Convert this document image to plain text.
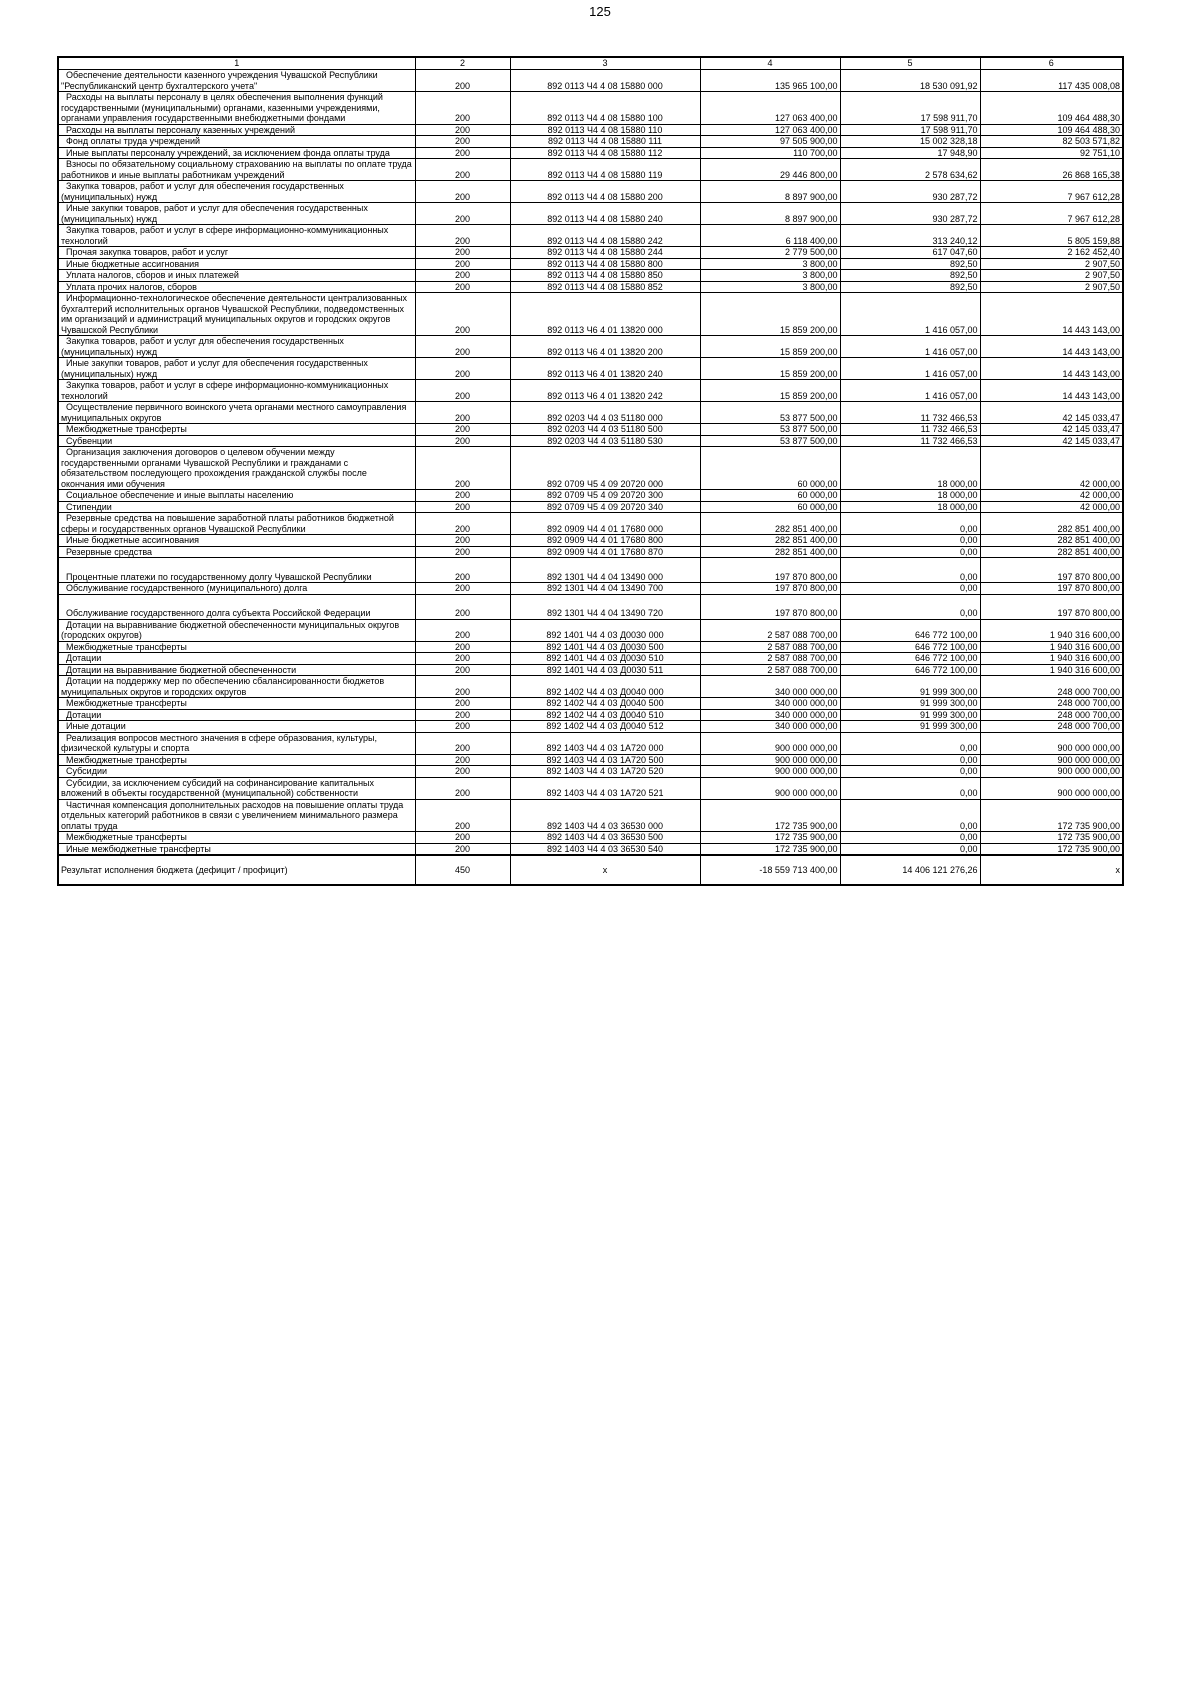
125
1	2	3	4	5	6
Обеспечение деятельности казенного учреждения Чувашской Республики "Республиканский центр бухгалтерского учета"	200	892 0113 Ч4 4 08 15880 000	135 965 100,00	18 530 091,92	117 435 008,08
Расходы на выплаты персоналу в целях обеспечения выполнения функций государственными (муниципальными) органами, казенными учреждениями, органами управления государственными внебюджетными фондами	200	892 0113 Ч4 4 08 15880 100	127 063 400,00	17 598 911,70	109 464 488,30
Расходы на выплаты персоналу казенных учреждений	200	892 0113 Ч4 4 08 15880 110	127 063 400,00	17 598 911,70	109 464 488,30
Фонд оплаты труда учреждений	200	892 0113 Ч4 4 08 15880 111	97 505 900,00	15 002 328,18	82 503 571,82
Иные выплаты персоналу учреждений, за исключением фонда оплаты труда	200	892 0113 Ч4 4 08 15880 112	110 700,00	17 948,90	92 751,10
Взносы по обязательному социальному страхованию на выплаты по оплате труда работников и иные выплаты работникам учреждений	200	892 0113 Ч4 4 08 15880 119	29 446 800,00	2 578 634,62	26 868 165,38
Закупка товаров, работ и услуг для обеспечения государственных (муниципальных) нужд	200	892 0113 Ч4 4 08 15880 200	8 897 900,00	930 287,72	7 967 612,28
Иные закупки товаров, работ и услуг для обеспечения государственных (муниципальных) нужд	200	892 0113 Ч4 4 08 15880 240	8 897 900,00	930 287,72	7 967 612,28
Закупка товаров, работ и услуг в сфере информационно-коммуникационных технологий	200	892 0113 Ч4 4 08 15880 242	6 118 400,00	313 240,12	5 805 159,88
Прочая закупка товаров, работ и услуг	200	892 0113 Ч4 4 08 15880 244	2 779 500,00	617 047,60	2 162 452,40
Иные бюджетные ассигнования	200	892 0113 Ч4 4 08 15880 800	3 800,00	892,50	2 907,50
Уплата налогов, сборов и иных платежей	200	892 0113 Ч4 4 08 15880 850	3 800,00	892,50	2 907,50
Уплата прочих налогов, сборов	200	892 0113 Ч4 4 08 15880 852	3 800,00	892,50	2 907,50
Информационно-технологическое обеспечение деятельности централизованных бухгалтерий исполнительных органов Чувашской Республики, подведомственных им организаций и администраций муниципальных округов и городских округов Чувашской Республики	200	892 0113 Ч6 4 01 13820 000	15 859 200,00	1 416 057,00	14 443 143,00
Закупка товаров, работ и услуг для обеспечения государственных (муниципальных) нужд	200	892 0113 Ч6 4 01 13820 200	15 859 200,00	1 416 057,00	14 443 143,00
Иные закупки товаров, работ и услуг для обеспечения государственных (муниципальных) нужд	200	892 0113 Ч6 4 01 13820 240	15 859 200,00	1 416 057,00	14 443 143,00
Закупка товаров, работ и услуг в сфере информационно-коммуникационных технологий	200	892 0113 Ч6 4 01 13820 242	15 859 200,00	1 416 057,00	14 443 143,00
Осуществление первичного воинского учета органами местного самоуправления муниципальных округов	200	892 0203 Ч4 4 03 51180 000	53 877 500,00	11 732 466,53	42 145 033,47
Межбюджетные трансферты	200	892 0203 Ч4 4 03 51180 500	53 877 500,00	11 732 466,53	42 145 033,47
Субвенции	200	892 0203 Ч4 4 03 51180 530	53 877 500,00	11 732 466,53	42 145 033,47
Организация заключения договоров о целевом обучении между государственными органами Чувашской Республики и гражданами с обязательством последующего прохождения гражданской службы после окончания ими обучения	200	892 0709 Ч5 4 09 20720 000	60 000,00	18 000,00	42 000,00
Социальное обеспечение и иные выплаты населению	200	892 0709 Ч5 4 09 20720 300	60 000,00	18 000,00	42 000,00
Стипендии	200	892 0709 Ч5 4 09 20720 340	60 000,00	18 000,00	42 000,00
Резервные средства на повышение заработной платы работников бюджетной сферы и государственных органов Чувашской Республики	200	892 0909 Ч4 4 01 17680 000	282 851 400,00	0,00	282 851 400,00
Иные бюджетные ассигнования	200	892 0909 Ч4 4 01 17680 800	282 851 400,00	0,00	282 851 400,00
Резервные средства	200	892 0909 Ч4 4 01 17680 870	282 851 400,00	0,00	282 851 400,00
Процентные платежи по государственному долгу Чувашской Республики	200	892 1301 Ч4 4 04 13490 000	197 870 800,00	0,00	197 870 800,00
Обслуживание государственного (муниципального) долга	200	892 1301 Ч4 4 04 13490 700	197 870 800,00	0,00	197 870 800,00
Обслуживание государственного долга субъекта Российской Федерации	200	892 1301 Ч4 4 04 13490 720	197 870 800,00	0,00	197 870 800,00
Дотации на выравнивание бюджетной обеспеченности муниципальных округов (городских округов)	200	892 1401 Ч4 4 03 Д0030 000	2 587 088 700,00	646 772 100,00	1 940 316 600,00
Межбюджетные трансферты	200	892 1401 Ч4 4 03 Д0030 500	2 587 088 700,00	646 772 100,00	1 940 316 600,00
Дотации	200	892 1401 Ч4 4 03 Д0030 510	2 587 088 700,00	646 772 100,00	1 940 316 600,00
Дотации на выравнивание бюджетной обеспеченности	200	892 1401 Ч4 4 03 Д0030 511	2 587 088 700,00	646 772 100,00	1 940 316 600,00
Дотации на поддержку мер по обеспечению сбалансированности бюджетов муниципальных округов и городских округов	200	892 1402 Ч4 4 03 Д0040 000	340 000 000,00	91 999 300,00	248 000 700,00
Межбюджетные трансферты	200	892 1402 Ч4 4 03 Д0040 500	340 000 000,00	91 999 300,00	248 000 700,00
Дотации	200	892 1402 Ч4 4 03 Д0040 510	340 000 000,00	91 999 300,00	248 000 700,00
Иные дотации	200	892 1402 Ч4 4 03 Д0040 512	340 000 000,00	91 999 300,00	248 000 700,00
Реализация вопросов местного значения в сфере образования, культуры, физической культуры и спорта	200	892 1403 Ч4 4 03 1А720 000	900 000 000,00	0,00	900 000 000,00
Межбюджетные трансферты	200	892 1403 Ч4 4 03 1А720 500	900 000 000,00	0,00	900 000 000,00
Субсидии	200	892 1403 Ч4 4 03 1А720 520	900 000 000,00	0,00	900 000 000,00
Субсидии, за исключением субсидий на софинансирование капитальных вложений в объекты государственной (муниципальной) собственности	200	892 1403 Ч4 4 03 1А720 521	900 000 000,00	0,00	900 000 000,00
Частичная компенсация дополнительных расходов на повышение оплаты труда отдельных категорий работников в связи с увеличением минимального размера оплаты труда	200	892 1403 Ч4 4 03 36530 000	172 735 900,00	0,00	172 735 900,00
Межбюджетные трансферты	200	892 1403 Ч4 4 03 36530 500	172 735 900,00	0,00	172 735 900,00
Иные межбюджетные трансферты	200	892 1403 Ч4 4 03 36530 540	172 735 900,00	0,00	172 735 900,00
Результат исполнения бюджета (дефицит / профицит)	450	x	-18 559 713 400,00	14 406 121 276,26	x
